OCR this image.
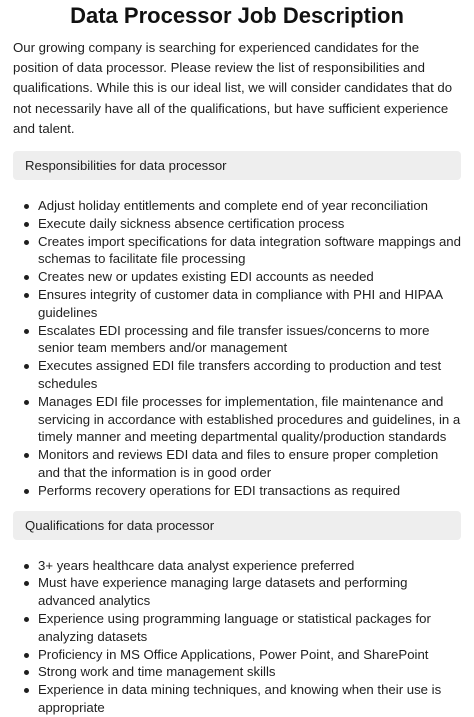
Data Processor Job Description

Our growing company is searching for experienced candidates for the position of data processor. Please review the list of responsibilities and qualifications. While this is our ideal list, we will consider candidates that do not necessarily have all of the qualifications, but have sufficient experience and talent.

Responsibilities for data processor
Adjust holiday entitlements and complete end of year reconciliation
Execute daily sickness absence certification process
Creates import specifications for data integration software mappings and schemas to facilitate file processing
Creates new or updates existing EDI accounts as needed
Ensures integrity of customer data in compliance with PHI and HIPAA guidelines
Escalates EDI processing and file transfer issues/concerns to more senior team members and/or management
Executes assigned EDI file transfers according to production and test schedules
Manages EDI file processes for implementation, file maintenance and servicing in accordance with established procedures and guidelines, in a timely manner and meeting departmental quality/production standards
Monitors and reviews EDI data and files to ensure proper completion and that the information is in good order
Performs recovery operations for EDI transactions as required
Qualifications for data processor
3+ years healthcare data analyst experience preferred
Must have experience managing large datasets and performing advanced analytics
Experience using programming language or statistical packages for analyzing datasets
Proficiency in MS Office Applications, Power Point, and SharePoint
Strong work and time management skills
Experience in data mining techniques, and knowing when their use is appropriate
